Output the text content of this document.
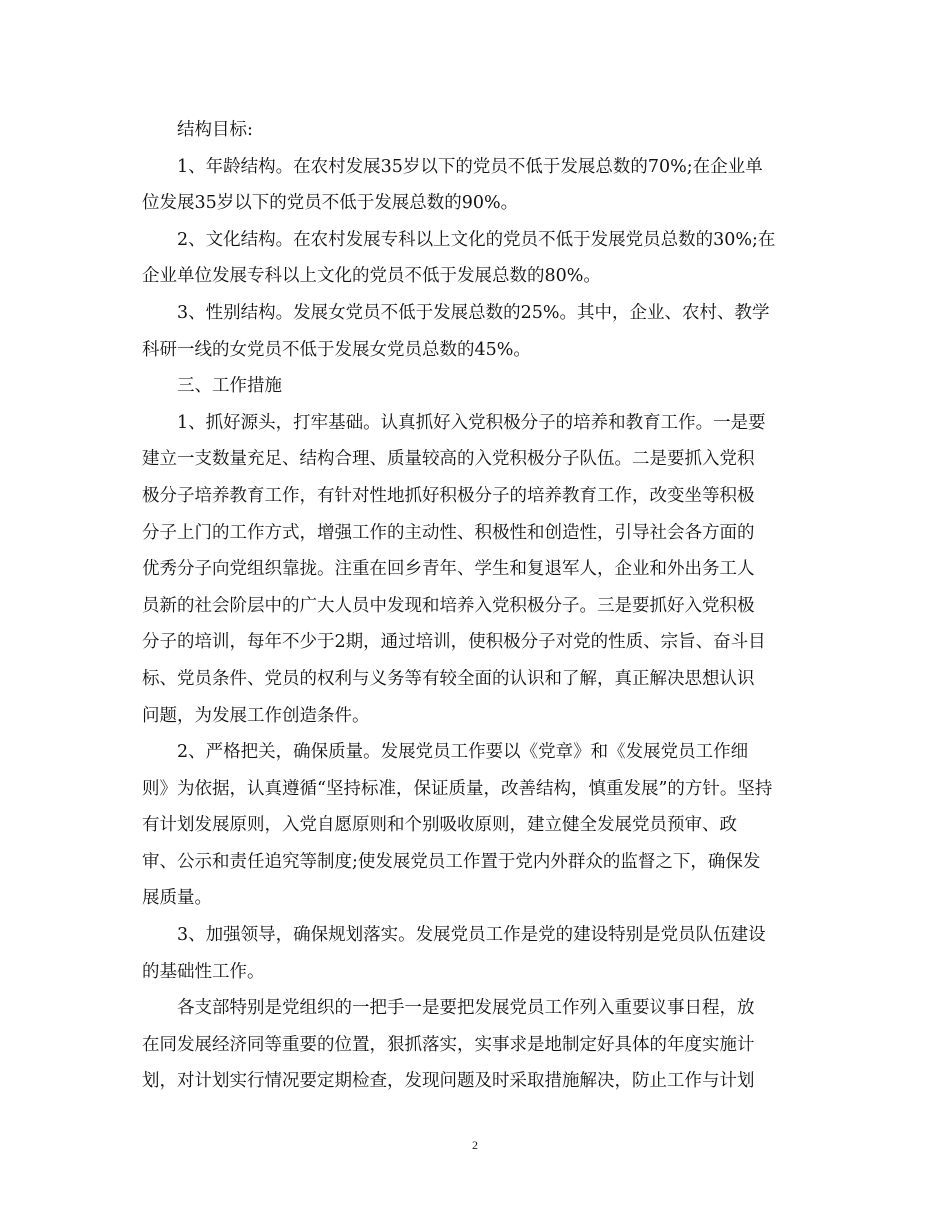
结构目标:
1、年龄结构。在农村发展35岁以下的党员不低于发展总数的70%;在企业单
位发展35岁以下的党员不低于发展总数的90%。
2、文化结构。在农村发展专科以上文化的党员不低于发展党员总数的30%;在
企业单位发展专科以上文化的党员不低于发展总数的80%。
3、性别结构。发展女党员不低于发展总数的25%。其中，企业、农村、教学
科研一线的女党员不低于发展女党员总数的45%。
三、工作措施
1、抓好源头，打牢基础。认真抓好入党积极分子的培养和教育工作。一是要
建立一支数量充足、结构合理、质量较高的入党积极分子队伍。二是要抓入党积
极分子培养教育工作，有针对性地抓好积极分子的培养教育工作，改变坐等积极
分子上门的工作方式，增强工作的主动性、积极性和创造性，引导社会各方面的
优秀分子向党组织靠拢。注重在回乡青年、学生和复退军人，企业和外出务工人
员新的社会阶层中的广大人员中发现和培养入党积极分子。三是要抓好入党积极
分子的培训，每年不少于2期，通过培训，使积极分子对党的性质、宗旨、奋斗目
标、党员条件、党员的权利与义务等有较全面的认识和了解，真正解决思想认识
问题，为发展工作创造条件。
2、严格把关，确保质量。发展党员工作要以《党章》和《发展党员工作细
则》为依据，认真遵循“坚持标准，保证质量，改善结构，慎重发展”的方针。坚持
有计划发展原则，入党自愿原则和个别吸收原则，建立健全发展党员预审、政
审、公示和责任追究等制度;使发展党员工作置于党内外群众的监督之下，确保发
展质量。
3、加强领导，确保规划落实。发展党员工作是党的建设特别是党员队伍建设
的基础性工作。
各支部特别是党组织的一把手一是要把发展党员工作列入重要议事日程，放
在同发展经济同等重要的位置，狠抓落实，实事求是地制定好具体的年度实施计
划，对计划实行情况要定期检查，发现问题及时采取措施解决，防止工作与计划
2
